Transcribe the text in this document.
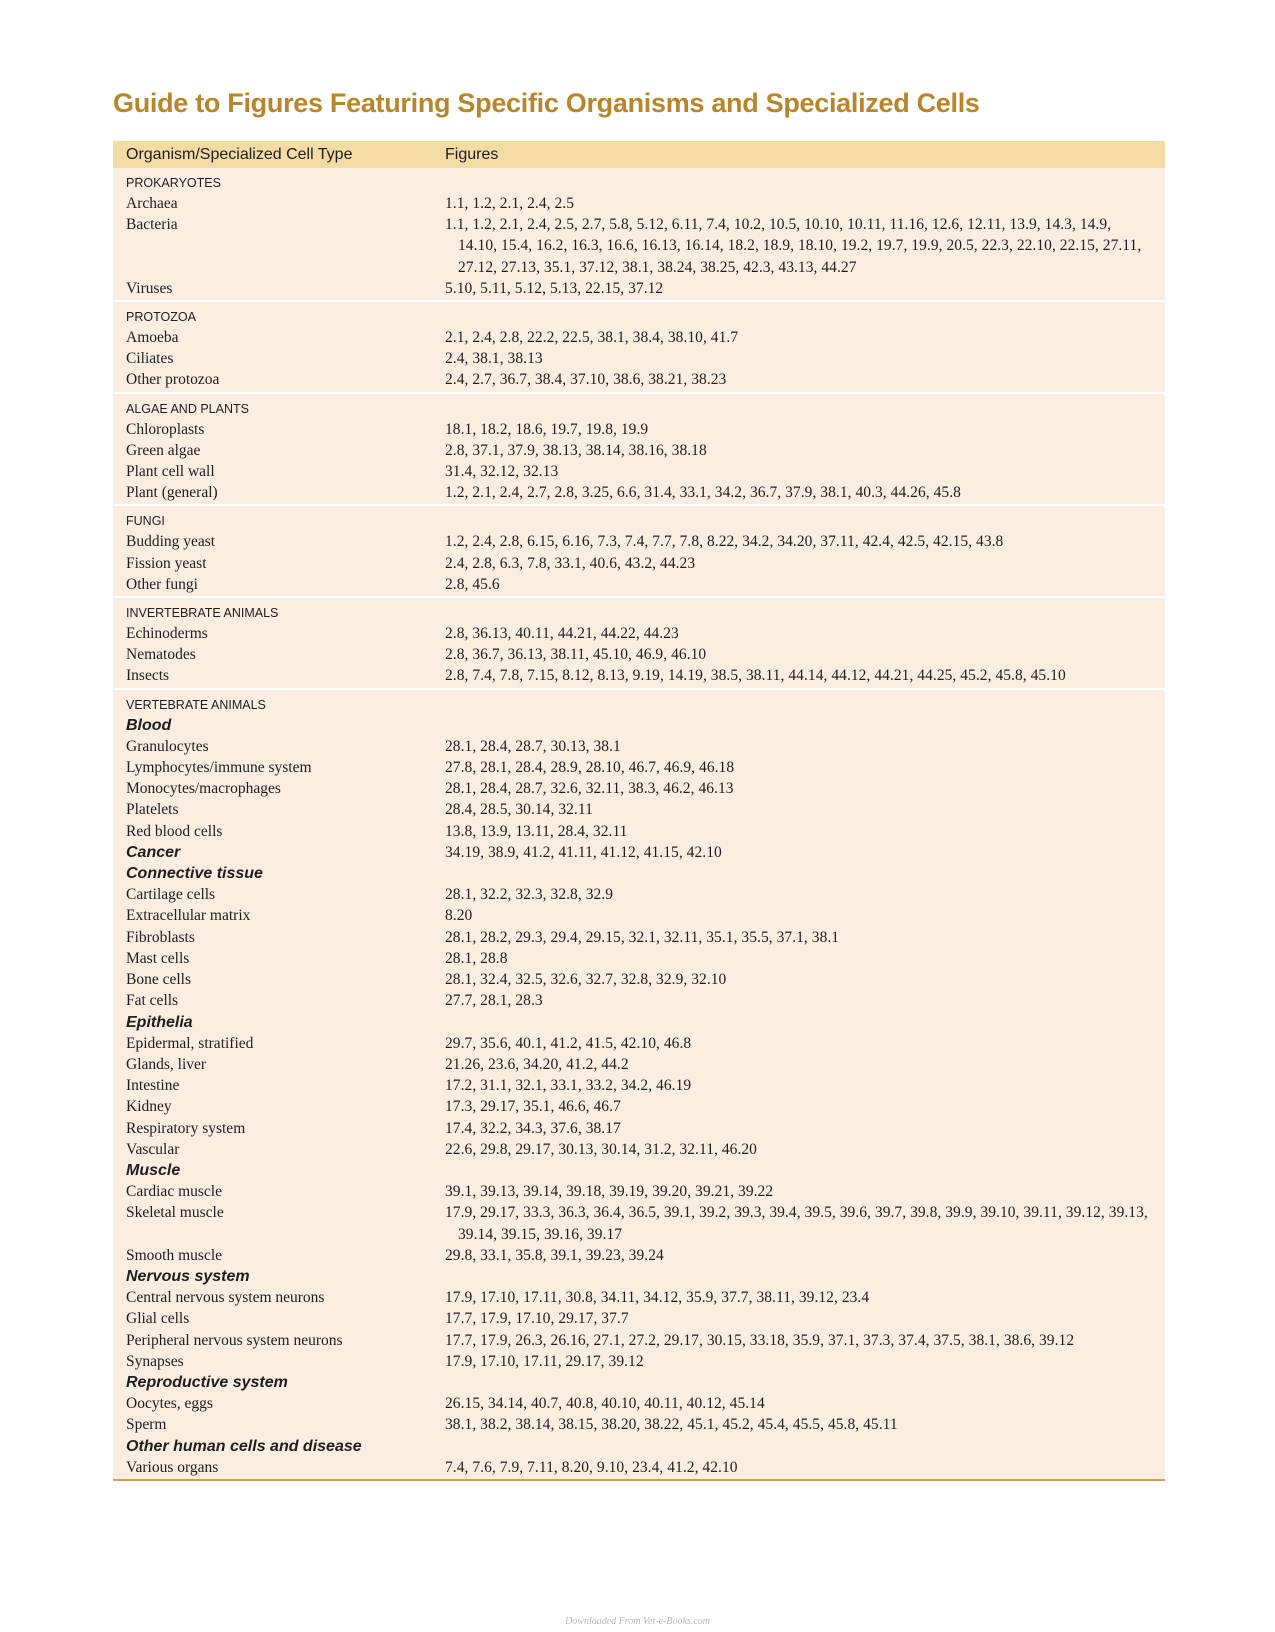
Guide to Figures Featuring Specific Organisms and Specialized Cells
Organism/Specialized Cell Type	Figures
PROKARYOTES
Archaea	1.1, 1.2, 2.1, 2.4, 2.5
Bacteria	1.1, 1.2, 2.1, 2.4, 2.5, 2.7, 5.8, 5.12, 6.11, 7.4, 10.2, 10.5, 10.10, 10.11, 11.16, 12.6, 12.11, 13.9, 14.3, 14.9, 14.10, 15.4, 16.2, 16.3, 16.6, 16.13, 16.14, 18.2, 18.9, 18.10, 19.2, 19.7, 19.9, 20.5, 22.3, 22.10, 22.15, 27.11, 27.12, 27.13, 35.1, 37.12, 38.1, 38.24, 38.25, 42.3, 43.13, 44.27
Viruses	5.10, 5.11, 5.12, 5.13, 22.15, 37.12
PROTOZOA
Amoeba	2.1, 2.4, 2.8, 22.2, 22.5, 38.1, 38.4, 38.10, 41.7
Ciliates	2.4, 38.1, 38.13
Other protozoa	2.4, 2.7, 36.7, 38.4, 37.10, 38.6, 38.21, 38.23
ALGAE AND PLANTS
Chloroplasts	18.1, 18.2, 18.6, 19.7, 19.8, 19.9
Green algae	2.8, 37.1, 37.9, 38.13, 38.14, 38.16, 38.18
Plant cell wall	31.4, 32.12, 32.13
Plant (general)	1.2, 2.1, 2.4, 2.7, 2.8, 3.25, 6.6, 31.4, 33.1, 34.2, 36.7, 37.9, 38.1, 40.3, 44.26, 45.8
FUNGI
Budding yeast	1.2, 2.4, 2.8, 6.15, 6.16, 7.3, 7.4, 7.7, 7.8, 8.22, 34.2, 34.20, 37.11, 42.4, 42.5, 42.15, 43.8
Fission yeast	2.4, 2.8, 6.3, 7.8, 33.1, 40.6, 43.2, 44.23
Other fungi	2.8, 45.6
INVERTEBRATE ANIMALS
Echinoderms	2.8, 36.13, 40.11, 44.21, 44.22, 44.23
Nematodes	2.8, 36.7, 36.13, 38.11, 45.10, 46.9, 46.10
Insects	2.8, 7.4, 7.8, 7.15, 8.12, 8.13, 9.19, 14.19, 38.5, 38.11, 44.14, 44.12, 44.21, 44.25, 45.2, 45.8, 45.10
VERTEBRATE ANIMALS
Blood
Granulocytes	28.1, 28.4, 28.7, 30.13, 38.1
Lymphocytes/immune system	27.8, 28.1, 28.4, 28.9, 28.10, 46.7, 46.9, 46.18
Monocytes/macrophages	28.1, 28.4, 28.7, 32.6, 32.11, 38.3, 46.2, 46.13
Platelets	28.4, 28.5, 30.14, 32.11
Red blood cells	13.8, 13.9, 13.11, 28.4, 32.11
Cancer	34.19, 38.9, 41.2, 41.11, 41.12, 41.15, 42.10
Connective tissue
Cartilage cells	28.1, 32.2, 32.3, 32.8, 32.9
Extracellular matrix	8.20
Fibroblasts	28.1, 28.2, 29.3, 29.4, 29.15, 32.1, 32.11, 35.1, 35.5, 37.1, 38.1
Mast cells	28.1, 28.8
Bone cells	28.1, 32.4, 32.5, 32.6, 32.7, 32.8, 32.9, 32.10
Fat cells	27.7, 28.1, 28.3
Epithelia
Epidermal, stratified	29.7, 35.6, 40.1, 41.2, 41.5, 42.10, 46.8
Glands, liver	21.26, 23.6, 34.20, 41.2, 44.2
Intestine	17.2, 31.1, 32.1, 33.1, 33.2, 34.2, 46.19
Kidney	17.3, 29.17, 35.1, 46.6, 46.7
Respiratory system	17.4, 32.2, 34.3, 37.6, 38.17
Vascular	22.6, 29.8, 29.17, 30.13, 30.14, 31.2, 32.11, 46.20
Muscle
Cardiac muscle	39.1, 39.13, 39.14, 39.18, 39.19, 39.20, 39.21, 39.22
Skeletal muscle	17.9, 29.17, 33.3, 36.3, 36.4, 36.5, 39.1, 39.2, 39.3, 39.4, 39.5, 39.6, 39.7, 39.8, 39.9, 39.10, 39.11, 39.12, 39.13, 39.14, 39.15, 39.16, 39.17
Smooth muscle	29.8, 33.1, 35.8, 39.1, 39.23, 39.24
Nervous system
Central nervous system neurons	17.9, 17.10, 17.11, 30.8, 34.11, 34.12, 35.9, 37.7, 38.11, 39.12, 23.4
Glial cells	17.7, 17.9, 17.10, 29.17, 37.7
Peripheral nervous system neurons	17.7, 17.9, 26.3, 26.16, 27.1, 27.2, 29.17, 30.15, 33.18, 35.9, 37.1, 37.3, 37.4, 37.5, 38.1, 38.6, 39.12
Synapses	17.9, 17.10, 17.11, 29.17, 39.12
Reproductive system
Oocytes, eggs	26.15, 34.14, 40.7, 40.8, 40.10, 40.11, 40.12, 45.14
Sperm	38.1, 38.2, 38.14, 38.15, 38.20, 38.22, 45.1, 45.2, 45.4, 45.5, 45.8, 45.11
Other human cells and disease
Various organs	7.4, 7.6, 7.9, 7.11, 8.20, 9.10, 23.4, 41.2, 42.10
Downloaded From Vet-e-Books.com
